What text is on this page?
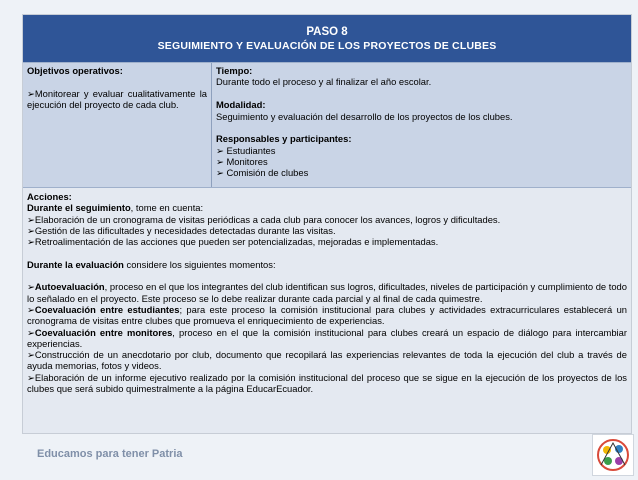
PASO 8
SEGUIMIENTO Y EVALUACIÓN DE LOS PROYECTOS DE CLUBES
Objetivos operativos:
➢Monitorear y evaluar cualitativamente la ejecución del proyecto de cada club.
Tiempo:
Durante todo el proceso y al finalizar el año escolar.
Modalidad:
Seguimiento y evaluación del desarrollo de los proyectos de los clubes.
Responsables y participantes:
➢ Estudiantes
➢ Monitores
➢ Comisión de clubes
Acciones:
Durante el seguimiento, tome en cuenta:
➢Elaboración de un cronograma de visitas periódicas a cada club para conocer los avances, logros y dificultades.
➢Gestión de las dificultades y necesidades detectadas durante las visitas.
➢Retroalimentación de las acciones que pueden ser potencializadas, mejoradas e implementadas.
Durante la evaluación considere los siguientes momentos:
➢Autoevaluación, proceso en el que los integrantes del club identifican sus logros, dificultades, niveles de participación y cumplimiento de todo lo señalado en el proyecto. Este proceso se lo debe realizar durante cada parcial y al final de cada quimestre.
➢Coevaluación entre estudiantes; para este proceso la comisión institucional para clubes y actividades extracurriculares establecerá un cronograma de visitas entre clubes que promueva el enriquecimiento de experiencias.
➢Coevaluación entre monitores, proceso en el que la comisión institucional para clubes creará un espacio de diálogo para intercambiar experiencias.
➢Construcción de un anecdotario por club, documento que recopilará las experiencias relevantes de toda la ejecución del club a través de ayuda memorias, fotos y videos.
➢Elaboración de un informe ejecutivo realizado por la comisión institucional del proceso que se sigue en la ejecución de los proyectos de los clubes que será subido quimestralmente a la página EducarEcuador.
Educamos para tener Patria
